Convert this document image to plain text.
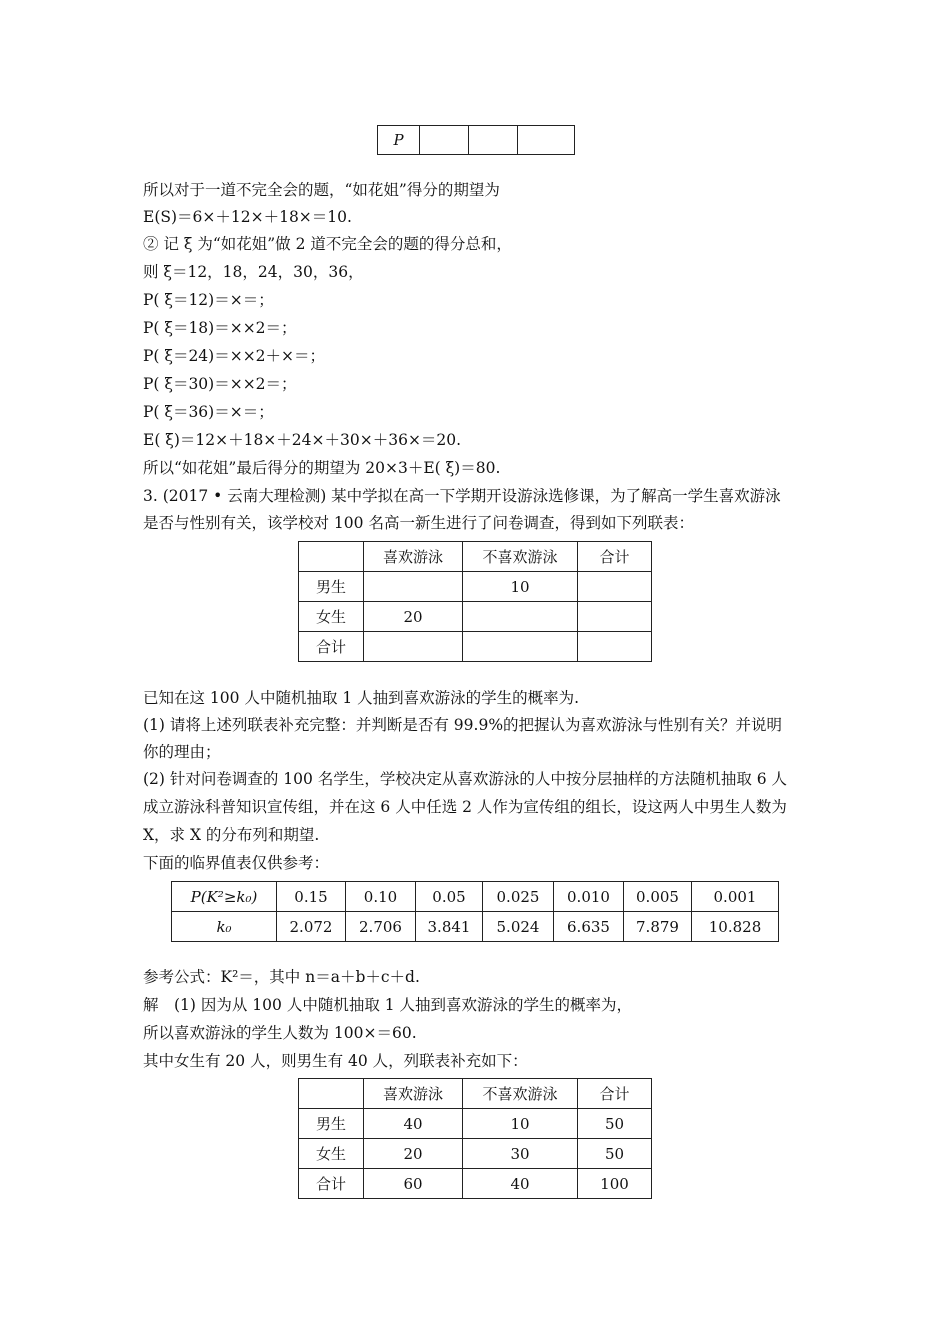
P			
所以对于一道不完全会的题，“如花姐”得分的期望为
E(S)＝6×＋12×＋18×＝10.
② 记 ξ 为“如花姐”做 2 道不完全会的题的得分总和，
则 ξ＝12，18，24，30，36，
P( ξ＝12)＝×＝；
P( ξ＝18)＝××2＝；
P( ξ＝24)＝××2＋×＝；
P( ξ＝30)＝××2＝；
P( ξ＝36)＝×＝；
E( ξ)＝12×＋18×＋24×＋30×＋36×＝20.
所以“如花姐”最后得分的期望为 20×3＋E( ξ)＝80.
3. (2017 • 云南大理检测) 某中学拟在高一下学期开设游泳选修课，为了解高一学生喜欢游泳
是否与性别有关，该学校对 100 名高一新生进行了问卷调查，得到如下列联表：
	喜欢游泳	不喜欢游泳	合计
男生		10	
女生	20		
合计			
已知在这 100 人中随机抽取 1 人抽到喜欢游泳的学生的概率为.
(1) 请将上述列联表补充完整：并判断是否有 99.9%的把握认为喜欢游泳与性别有关？并说明
你的理由；
(2) 针对问卷调查的 100 名学生，学校决定从喜欢游泳的人中按分层抽样的方法随机抽取 6 人
成立游泳科普知识宣传组，并在这 6 人中任选 2 人作为宣传组的组长，设这两人中男生人数为
X，求 X 的分布列和期望.
下面的临界值表仅供参考：
P(K²≥k₀)	0.15	0.10	0.05	0.025	0.010	0.005	0.001
k₀	2.072	2.706	3.841	5.024	6.635	7.879	10.828
参考公式：K²＝，其中 n＝a＋b＋c＋d.
解　(1) 因为从 100 人中随机抽取 1 人抽到喜欢游泳的学生的概率为，
所以喜欢游泳的学生人数为 100×＝60.
其中女生有 20 人，则男生有 40 人，列联表补充如下：
	喜欢游泳	不喜欢游泳	合计
男生	40	10	50
女生	20	30	50
合计	60	40	100
